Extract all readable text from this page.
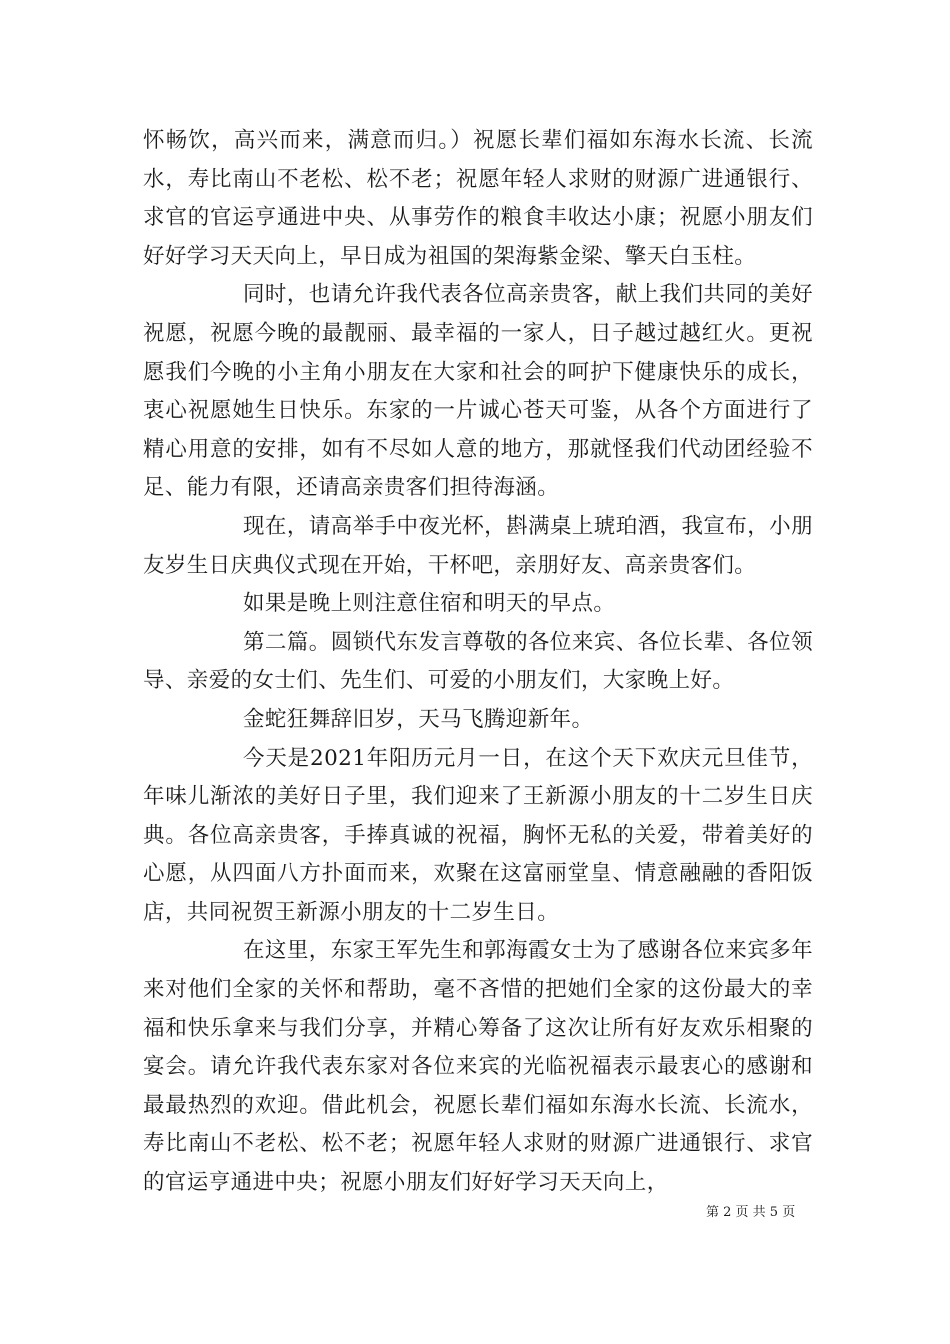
怀畅饮，高兴而来，满意而归。）祝愿长辈们福如东海水长流、长流水，寿比南山不老松、松不老；祝愿年轻人求财的财源广进通银行、求官的官运亨通进中央、从事劳作的粮食丰收达小康；祝愿小朋友们好好学习天天向上，早日成为祖国的架海紫金梁、擎天白玉柱。

同时，也请允许我代表各位高亲贵客，献上我们共同的美好祝愿，祝愿今晚的最靓丽、最幸福的一家人，日子越过越红火。更祝愿我们今晚的小主角小朋友在大家和社会的呵护下健康快乐的成长，衷心祝愿她生日快乐。东家的一片诚心苍天可鉴，从各个方面进行了精心用意的安排，如有不尽如人意的地方，那就怪我们代动团经验不足、能力有限，还请高亲贵客们担待海涵。

现在，请高举手中夜光杯，斟满桌上琥珀酒，我宣布，小朋友岁生日庆典仪式现在开始，干杯吧，亲朋好友、高亲贵客们。

如果是晚上则注意住宿和明天的早点。

第二篇。圆锁代东发言尊敬的各位来宾、各位长辈、各位领导、亲爱的女士们、先生们、可爱的小朋友们，大家晚上好。

金蛇狂舞辞旧岁，天马飞腾迎新年。

今天是2021年阳历元月一日，在这个天下欢庆元旦佳节，年味儿渐浓的美好日子里，我们迎来了王新源小朋友的十二岁生日庆典。各位高亲贵客，手捧真诚的祝福，胸怀无私的关爱，带着美好的心愿，从四面八方扑面而来，欢聚在这富丽堂皇、情意融融的香阳饭店，共同祝贺王新源小朋友的十二岁生日。

在这里，东家王军先生和郭海霞女士为了感谢各位来宾多年来对他们全家的关怀和帮助，毫不吝惜的把她们全家的这份最大的幸福和快乐拿来与我们分享，并精心筹备了这次让所有好友欢乐相聚的宴会。请允许我代表东家对各位来宾的光临祝福表示最衷心的感谢和最最热烈的欢迎。借此机会，祝愿长辈们福如东海水长流、长流水，寿比南山不老松、松不老；祝愿年轻人求财的财源广进通银行、求官的官运亨通进中央；祝愿小朋友们好好学习天天向上，

第 2 页 共 5 页
